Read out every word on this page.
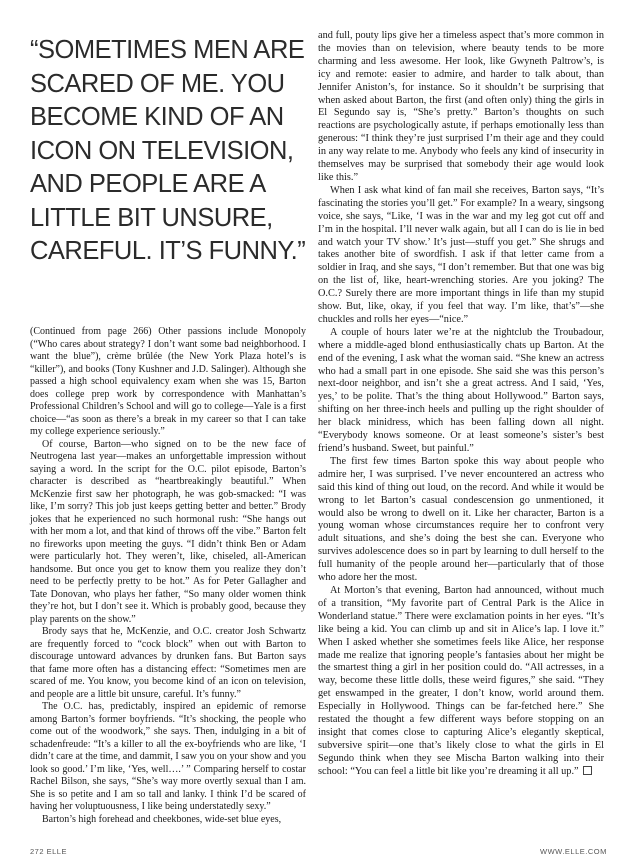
“SOMETIMES MEN ARE SCARED OF ME. YOU BECOME KIND OF AN ICON ON TELEVISION, AND PEOPLE ARE A LITTLE BIT UNSURE, CAREFUL. IT’S FUNNY.”

(Continued from page 266) Other passions include Monopoly (“Who cares about strategy? I don’t want some bad neighborhood. I want the blue”), crème brûlée (the New York Plaza hotel’s is “killer”), and books (Tony Kushner and J.D. Salinger). Although she passed a high school equivalency exam when she was 15, Barton does college prep work by correspondence with Manhattan’s Professional Children’s School and will go to college—Yale is a first choice—“as soon as there’s a break in my career so that I can take my college experience seriously.”

Of course, Barton—who signed on to be the new face of Neutrogena last year—makes an unforgettable impression without saying a word. In the script for the O.C. pilot episode, Barton’s character is described as “heartbreakingly beautiful.” When McKenzie first saw her photograph, he was gob-smacked: “I was like, I’m sorry? This job just keeps getting better and better.” Brody jokes that he experienced no such hormonal rush: “She hangs out with her mom a lot, and that kind of throws off the vibe.” Barton felt no fireworks upon meeting the guys. “I didn’t think Ben or Adam were particularly hot. They weren’t, like, chiseled, all-American handsome. But once you get to know them you realize they don’t need to be perfectly pretty to be hot.” As for Peter Gallagher and Tate Donovan, who plays her father, “So many older women think they’re hot, but I don’t see it. Which is probably good, because they play parents on the show.”

Brody says that he, McKenzie, and O.C. creator Josh Schwartz are frequently forced to “cock block” when out with Barton to discourage untoward advances by drunken fans. But Barton says that fame more often has a distancing effect: “Sometimes men are scared of me. You know, you become kind of an icon on television, and people are a little bit unsure, careful. It’s funny.”

The O.C. has, predictably, inspired an epidemic of remorse among Barton’s former boyfriends. “It’s shocking, the people who come out of the woodwork,” she says. Then, indulging in a bit of schadenfreude: “It’s a killer to all the ex-boyfriends who are like, ‘I didn’t care at the time, and dammit, I saw you on your show and you look so good.’ I’m like, ‘Yes, well….’ ” Comparing herself to costar Rachel Bilson, she says, “She’s way more overtly sexual than I am. She is so petite and I am so tall and lanky. I think I’d be scared of having her voluptuousness, I like being understatedly sexy.”

Barton’s high forehead and cheekbones, wide-set blue eyes,

and full, pouty lips give her a timeless aspect that’s more common in the movies than on television, where beauty tends to be more charming and less awesome. Her look, like Gwyneth Paltrow’s, is icy and remote: easier to admire, and harder to talk about, than Jennifer Aniston’s, for instance. So it shouldn’t be surprising that when asked about Barton, the first (and often only) thing the girls in El Segundo say is, “She’s pretty.” Barton’s thoughts on such reactions are psychologically astute, if perhaps emotionally less than generous: “I think they’re just surprised I’m their age and they could in any way relate to me. Anybody who feels any kind of insecurity in themselves may be surprised that somebody their age would look like this.”

When I ask what kind of fan mail she receives, Barton says, “It’s fascinating the stories you’ll get.” For example? In a weary, singsong voice, she says, “Like, ‘I was in the war and my leg got cut off and I’m in the hospital. I’ll never walk again, but all I can do is lie in bed and watch your TV show.’ It’s just—stuff you get.” She shrugs and takes another bite of swordfish. I ask if that letter came from a soldier in Iraq, and she says, “I don’t remember. But that one was big on the list of, like, heart-wrenching stories. Are you joking? The O.C.? Surely there are more important things in life than my stupid show. But, like, okay, if you feel that way. I’m like, that’s”—she chuckles and rolls her eyes—“nice.”

A couple of hours later we’re at the nightclub the Troubadour, where a middle-aged blond enthusiastically chats up Barton. At the end of the evening, I ask what the woman said. “She knew an actress who had a small part in one episode. She said she was this person’s next-door neighbor, and isn’t she a great actress. And I said, ‘Yes, yes,’ to be polite. That’s the thing about Hollywood.” Barton says, shifting on her three-inch heels and pulling up the right shoulder of her black minidress, which has been falling down all night. “Everybody knows someone. Or at least someone’s sister’s best friend’s husband. Sweet, but painful.”

The first few times Barton spoke this way about people who admire her, I was surprised. I’ve never encountered an actress who said this kind of thing out loud, on the record. And while it would be wrong to let Barton’s casual condescension go unmentioned, it would also be wrong to dwell on it. Like her character, Barton is a young woman whose circumstances require her to confront very adult situations, and she’s doing the best she can. Everyone who survives adolescence does so in part by learning to dull herself to the full humanity of the people around her—particularly that of those who adore her the most.

At Morton’s that evening, Barton had announced, without much of a transition, “My favorite part of Central Park is the Alice in Wonderland statue.” There were exclamation points in her eyes. “It’s like being a kid. You can climb up and sit in Alice’s lap. I love it.” When I asked whether she sometimes feels like Alice, her response made me realize that ignoring people’s fantasies about her might be the smartest thing a girl in her position could do. “All actresses, in a way, become these little dolls, these weird figures,” she said. “They get enswamped in the greater, I don’t know, world around them. Especially in Hollywood. Things can be far-fetched here.” She restated the thought a few different ways before stopping on an insight that comes close to capturing Alice’s elegantly skeptical, subversive spirit—one that’s likely close to what the girls in El Segundo think when they see Mischa Barton walking into their school: “You can feel a little bit like you’re dreaming it all up.”

272 ELLE	WWW.ELLE.COM
